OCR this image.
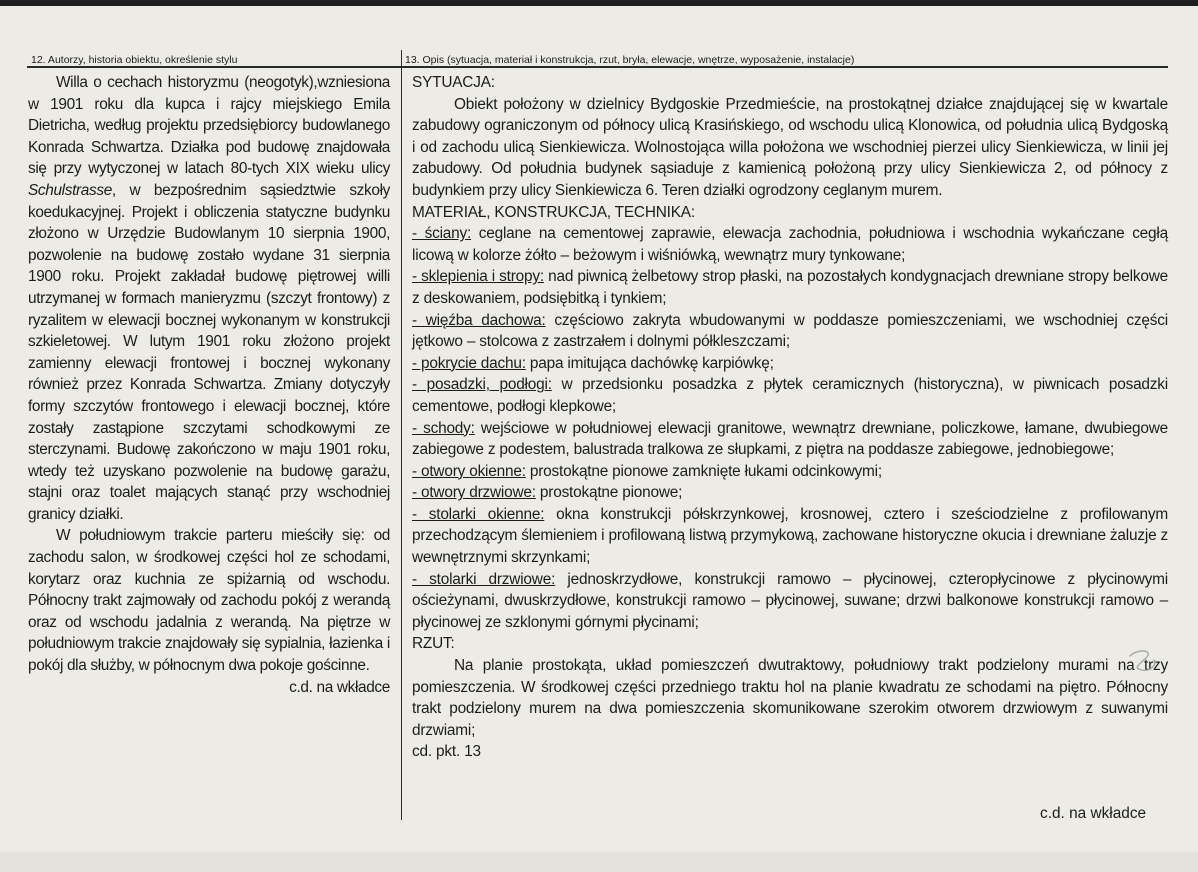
12. Autorzy, historia obiektu, określenie stylu	13. Opis (sytuacja, materiał i konstrukcja, rzut, bryła, elewacje, wnętrze, wyposażenie, instalacje)

Willa o cechach historyzmu (neogotyk),wzniesiona w 1901 roku dla kupca i rajcy miejskiego Emila Dietricha, według projektu przedsiębiorcy budowlanego Konrada Schwartza. Działka pod budowę znajdowała się przy wytyczonej w latach 80-tych XIX wieku ulicy Schulstrasse, w bezpośrednim sąsiedztwie szkoły koedukacyjnej. Projekt i obliczenia statyczne budynku złożono w Urzędzie Budowlanym 10 sierpnia 1900, pozwolenie na budowę zostało wydane 31 sierpnia 1900 roku. Projekt zakładał budowę piętrowej willi utrzymanej w formach manieryzmu (szczyt frontowy) z ryzalitem w elewacji bocznej wykonanym w konstrukcji szkieletowej. W lutym 1901 roku złożono projekt zamienny elewacji frontowej i bocznej wykonany również przez Konrada Schwartza. Zmiany dotyczyły formy szczytów frontowego i elewacji bocznej, które zostały zastąpione szczytami schodkowymi ze sterczynami. Budowę zakończono w maju 1901 roku, wtedy też uzyskano pozwolenie na budowę garażu, stajni oraz toalet mających stanąć przy wschodniej granicy działki.

W południowym trakcie parteru mieściły się: od zachodu salon, w środkowej części hol ze schodami, korytarz oraz kuchnia ze spiżarnią od wschodu. Północny trakt zajmowały od zachodu pokój z werandą oraz od wschodu jadalnia z werandą. Na piętrze w południowym trakcie znajdowały się sypialnia, łazienka i pokój dla służby, w północnym dwa pokoje gościnne.
c.d. na wkładce

SYTUACJA:

Obiekt położony w dzielnicy Bydgoskie Przedmieście, na prostokątnej działce znajdującej się w kwartale zabudowy ograniczonym od północy ulicą Krasińskiego, od wschodu ulicą Klonowica, od południa ulicą Bydgoską i od zachodu ulicą Sienkiewicza. Wolnostojąca willa położona we wschodniej pierzei ulicy Sienkiewicza, w linii jej zabudowy. Od południa budynek sąsiaduje z kamienicą położoną przy ulicy Sienkiewicza 2, od północy z budynkiem przy ulicy Sienkiewicza 6. Teren działki ogrodzony ceglanym murem.

MATERIAŁ, KONSTRUKCJA, TECHNIKA:

- ściany: ceglane na cementowej zaprawie, elewacja zachodnia, południowa i wschodnia wykańczane cegłą licową w kolorze żółto – beżowym i wiśniówką, wewnątrz mury tynkowane;

- sklepienia i stropy: nad piwnicą żelbetowy strop płaski, na pozostałych kondygnacjach drewniane stropy belkowe z deskowaniem, podsiębitką i tynkiem;

- więźba dachowa: częściowo zakryta wbudowanymi w poddasze pomieszczeniami, we wschodniej części jętkowo – stolcowa z zastrzałem i dolnymi półkleszczami;

- pokrycie dachu: papa imitująca dachówkę karpiówkę;

- posadzki, podłogi: w przedsionku posadzka z płytek ceramicznych (historyczna), w piwnicach posadzki cementowe, podłogi klepkowe;

- schody: wejściowe w południowej elewacji granitowe, wewnątrz drewniane, policzkowe, łamane, dwubiegowe zabiegowe z podestem, balustrada tralkowa ze słupkami, z piętra na poddasze zabiegowe, jednobiegowe;

- otwory okienne: prostokątne pionowe zamknięte łukami odcinkowymi;

- otwory drzwiowe: prostokątne pionowe;

- stolarki okienne: okna konstrukcji półskrzynkowej, krosnowej, cztero i sześciodzielne z profilowanym przechodzącym ślemieniem i profilowaną listwą przymykową, zachowane historyczne okucia i drewniane żaluzje z wewnętrznymi skrzynkami;

- stolarki drzwiowe: jednoskrzydłowe, konstrukcji ramowo – płycinowej, czteropłycinowe z płycinowymi ościeżynami, dwuskrzydłowe, konstrukcji ramowo – płycinowej, suwane; drzwi balkonowe konstrukcji ramowo – płycinowej ze szklonymi górnymi płycinami;

RZUT:

Na planie prostokąta, układ pomieszczeń dwutraktowy, południowy trakt podzielony murami na trzy pomieszczenia. W środkowej części przedniego traktu hol na planie kwadratu ze schodami na piętro. Północny trakt podzielony murem na dwa pomieszczenia skomunikowane szerokim otworem drzwiowym z suwanymi drzwiami;

cd. pkt. 13

c.d. na wkładce
